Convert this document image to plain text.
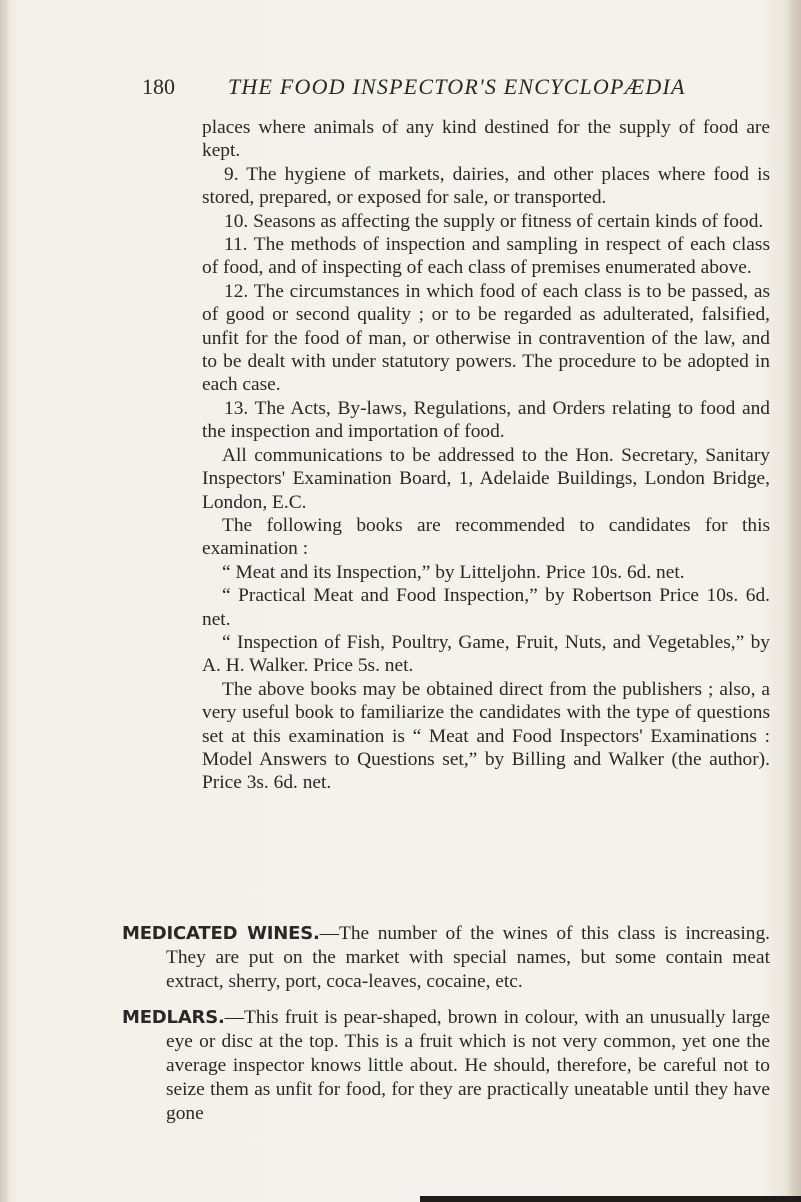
180 THE FOOD INSPECTOR'S ENCYCLOPÆDIA

places where animals of any kind destined for the supply of food are kept.

9. The hygiene of markets, dairies, and other places where food is stored, prepared, or exposed for sale, or transported.

10. Seasons as affecting the supply or fitness of certain kinds of food.

11. The methods of inspection and sampling in respect of each class of food, and of inspecting of each class of premises enumerated above.

12. The circumstances in which food of each class is to be passed, as of good or second quality ; or to be regarded as adulterated, falsified, unfit for the food of man, or otherwise in contravention of the law, and to be dealt with under statutory powers. The procedure to be adopted in each case.

13. The Acts, By-laws, Regulations, and Orders relating to food and the inspection and importation of food.

All communications to be addressed to the Hon. Secretary, Sanitary Inspectors' Examination Board, 1, Adelaide Buildings, London Bridge, London, E.C.

The following books are recommended to candidates for this examination :

“ Meat and its Inspection,” by Litteljohn. Price 10s. 6d. net.

“ Practical Meat and Food Inspection,” by Robertson Price 10s. 6d. net.

“ Inspection of Fish, Poultry, Game, Fruit, Nuts, and Vegetables,” by A. H. Walker. Price 5s. net.

The above books may be obtained direct from the publishers ; also, a very useful book to familiarize the candidates with the type of questions set at this examination is “ Meat and Food Inspectors' Examinations : Model Answers to Questions set,” by Billing and Walker (the author). Price 3s. 6d. net.

MEDICATED WINES.—The number of the wines of this class is increasing. They are put on the market with special names, but some contain meat extract, sherry, port, coca-leaves, cocaine, etc.

MEDLARS.—This fruit is pear-shaped, brown in colour, with an unusually large eye or disc at the top. This is a fruit which is not very common, yet one the average inspector knows little about. He should, therefore, be careful not to seize them as unfit for food, for they are practically uneatable until they have gone
